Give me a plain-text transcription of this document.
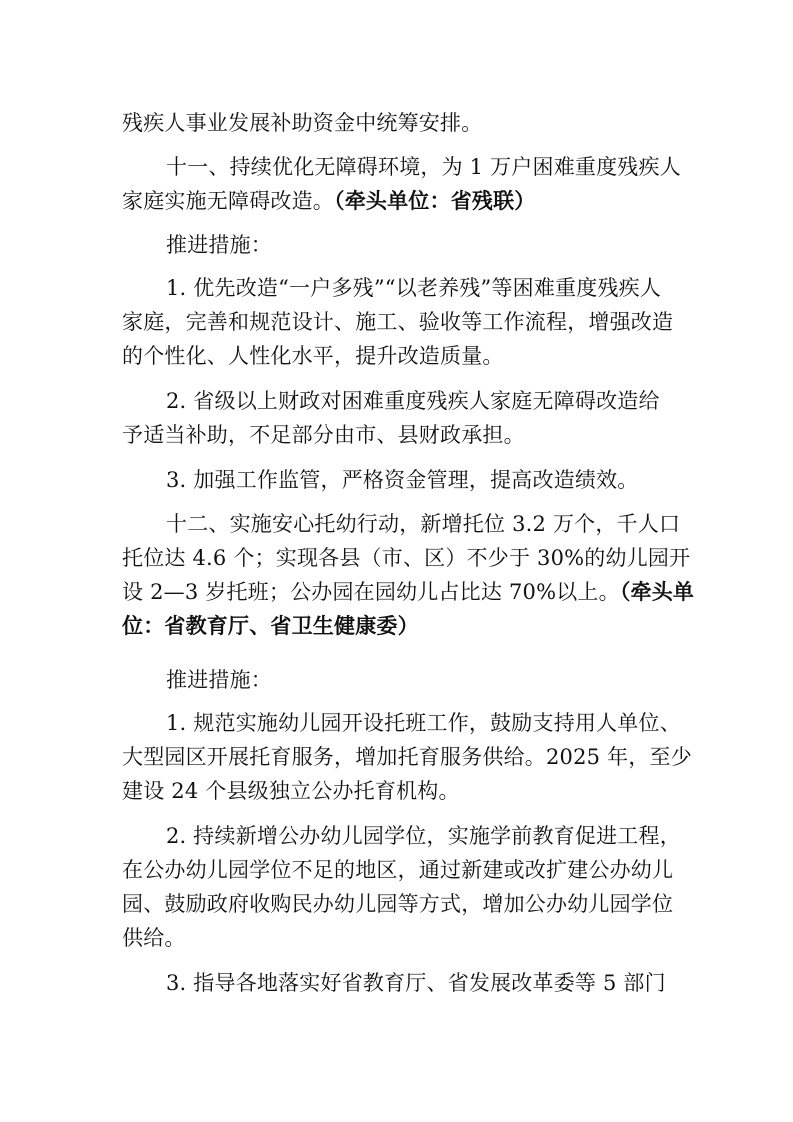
残疾人事业发展补助资金中统筹安排。
十一、持续优化无障碍环境，为 1 万户困难重度残疾人
家庭实施无障碍改造。（牵头单位：省残联）
推进措施：
1. 优先改造“一户多残”“以老养残”等困难重度残疾人
家庭，完善和规范设计、施工、验收等工作流程，增强改造
的个性化、人性化水平，提升改造质量。
2. 省级以上财政对困难重度残疾人家庭无障碍改造给
予适当补助，不足部分由市、县财政承担。
3. 加强工作监管，严格资金管理，提高改造绩效。
十二、实施安心托幼行动，新增托位 3.2 万个，千人口
托位达 4.6 个；实现各县（市、区）不少于 30%的幼儿园开
设 2—3 岁托班；公办园在园幼儿占比达 70%以上。（牵头单
位：省教育厅、省卫生健康委）
推进措施：
1. 规范实施幼儿园开设托班工作，鼓励支持用人单位、
大型园区开展托育服务，增加托育服务供给。2025 年，至少
建设 24 个县级独立公办托育机构。
2. 持续新增公办幼儿园学位，实施学前教育促进工程，
在公办幼儿园学位不足的地区，通过新建或改扩建公办幼儿
园、鼓励政府收购民办幼儿园等方式，增加公办幼儿园学位
供给。
3. 指导各地落实好省教育厅、省发展改革委等 5 部门
